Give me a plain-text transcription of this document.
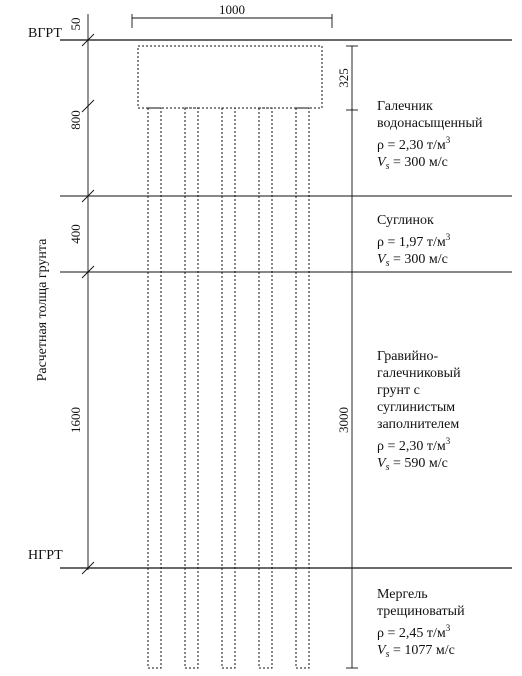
ВГРТ
НГРТ
50
800
400
1600
Расчетная толща грунта
1000
325
3000
Галечник
водонасыщенный
ρ = 2,30 $т/м^3$
$V_s = 300$ м/с
Суглинок
ρ = 1,97 $т/м^3$
$V_s = 300$ м/с
Гравийно-
галечниковый
грунт с
суглинистым
заполнителем
ρ = 2,30 $т/м^3$
$V_s = 590$ м/с
Мергель
трещиноватый
ρ = 2,45 $т/м^3$
$V_s = 1077$ м/с
